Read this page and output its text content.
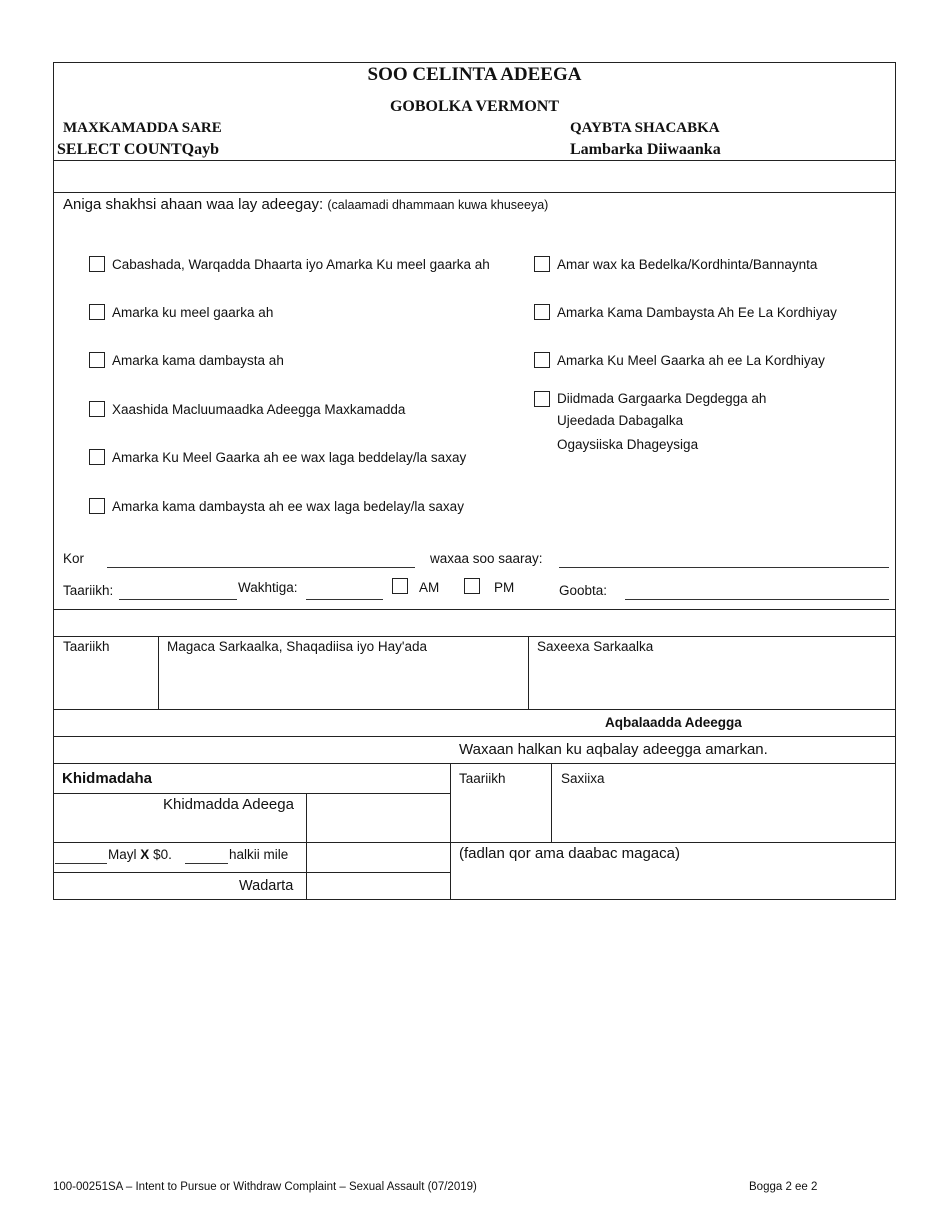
SOO CELINTA ADEEGA
GOBOLKA VERMONT
MAXKAMADDA SARE
SELECT COUNTQayb
QAYBTA SHACABKA
Lambarka Diiwaanka
Aniga shakhsi ahaan waa lay adeegay: (calaamadi dhammaan kuwa khuseeya)
Cabashada, Warqadda Dhaarta iyo Amarka Ku meel gaarka ah
Amarka ku meel gaarka ah
Amarka kama dambaysta ah
Xaashida Macluumaadka Adeegga Maxkamadda
Amarka Ku Meel Gaarka ah ee wax laga beddelay/la saxay
Amarka kama dambaysta ah ee wax laga bedelay/la saxay
Amar wax ka Bedelka/Kordhinta/Bannaynta
Amarka Kama Dambaysta Ah Ee La Kordhiyay
Amarka Ku Meel Gaarka ah ee La Kordhiyay
Diidmada Gargaarka Degdegga ah
Ujeedada Dabagalka
Ogaysiiska Dhageysiga
Kor	waxaa soo saaray:
Taariikh:	Wakhtiga:	AM	PM	Goobta:
Taariikh	Magaca Sarkaalka, Shaqadiisa iyo Hay'ada	Saxeexa Sarkaalka
Aqbalaadda Adeegga
Waxaan halkan ku aqbalay adeegga amarkan.
Khidmadaha
Khidmadda Adeega
Mayl X $0.	halkii mile
Wadarta
Taariikh	Saxiixa
(fadlan qor ama daabac magaca)
100-00251SA – Intent to Pursue or Withdraw Complaint – Sexual Assault (07/2019)	Bogga 2 ee 2
